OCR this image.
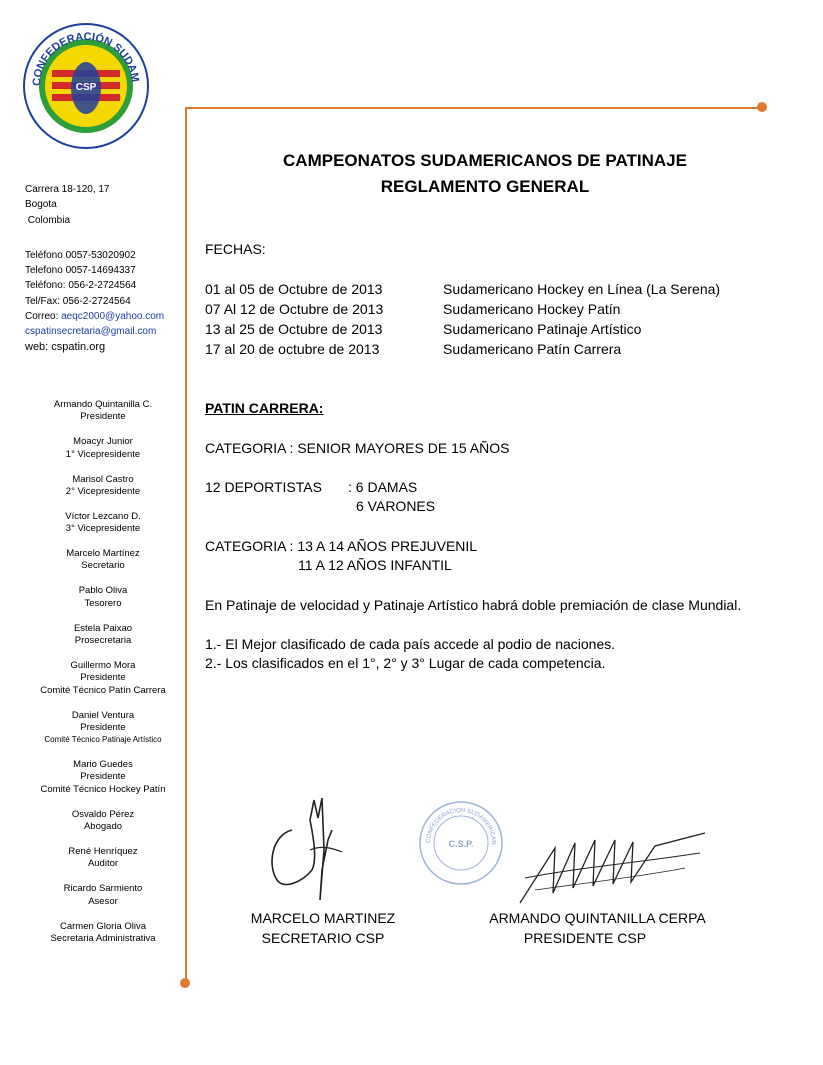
CSP
CONFEDERACIÓN SUDAM
Carrera 18-120, 17
Bogota
Colombia
Teléfono 0057-53020902
Telefono 0057-14694337
Teléfono: 056-2-2724564
Tel/Fax: 056-2-2724564
Correo: aeqc2000@yahoo.com
cspatinsecretaria@gmail.com
web: cspatin.org
Armando Quintanilla C.
Presidente
Moacyr Junior
1° Vicepresidente
Marisol Castro
2° Vicepresidente
Víctor Lezcano D.
3° Vicepresidente
Marcelo Martínez
Secretario
Pablo Oliva
Tesorero
Estela Paixao
Prosecretaria
Guillermo Mora
Presidente
Comité Técnico Patín Carrera
Daniel Ventura
Presidente
Comité Técnico Patinaje Artístico
Mario Guedes
Presidente
Comité Técnico Hockey Patín
Osvaldo Pérez
Abogado
René Henríquez
Auditor
Ricardo Sarmiento
Asesor
Carmen Gloria Oliva
Secretaria Administrativa
CAMPEONATOS SUDAMERICANOS DE PATINAJE
REGLAMENTO GENERAL
FECHAS:
01 al 05 de Octubre de 2013	Sudamericano Hockey en Línea (La Serena)
07 Al 12 de Octubre de 2013	Sudamericano Hockey Patín
13 al 25 de Octubre de 2013	Sudamericano Patinaje Artístico
17 al 20 de octubre de 2013	Sudamericano Patín Carrera
PATIN CARRERA:
CATEGORIA : SENIOR MAYORES DE 15 AÑOS
12 DEPORTISTAS : 6 DAMAS
6 VARONES
CATEGORIA : 13 A 14 AÑOS PREJUVENIL
11 A 12 AÑOS INFANTIL
En Patinaje de velocidad y Patinaje Artístico habrá doble premiación de clase Mundial.
1.- El Mejor clasificado de cada país accede al podio de naciones.
2.- Los clasificados en el 1°, 2° y 3° Lugar de cada competencia.
CONFEDERACION SUDAMERICAN
C.S.P.
MARCELO MARTINEZ
SECRETARIO CSP
ARMANDO QUINTANILLA CERPA
PRESIDENTE CSP
